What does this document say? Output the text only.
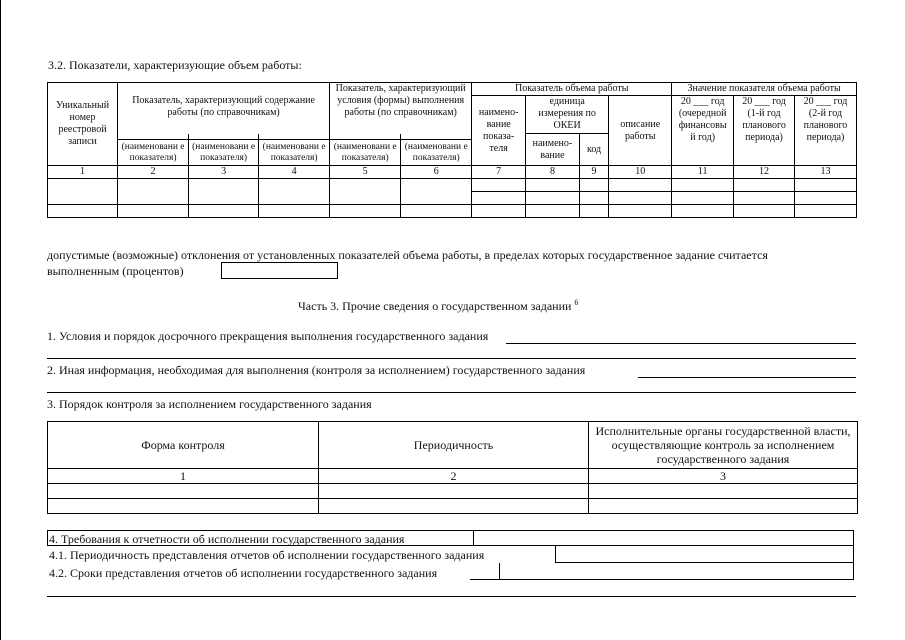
3.2. Показатели, характеризующие объем работы:
Уникальный номер реестровой записи	Показатель, характеризующий содержание работы (по справочникам)			Показатель, характеризующий условия (формы) выполнения работы (по справочникам)		Показатель объема работы				Значение показателя объема работы		
						наимено- вание показа- теля	единица измерения по ОКЕИ		описание работы	20 ___ год (очередной финансовы й год)	20 ___ год (1-й год планового периода)	20 ___ год (2-й год планового периода)
							наимено- вание	код				
	(наименовани е показателя)	(наименовани е показателя)	(наименовани е показателя)	(наименовани е показателя)	(наименовани е показателя)							
1	2	3	4	5	6	7	8	9	10	11	12	13

допустимые (возможные) отклонения от установленных показателей объема работы, в пределах которых государственное задание считается
выполненным (процентов)
Часть 3. Прочие сведения о государственном задании $^6$
1. Условия и порядок досрочного прекращения выполнения государственного задания
2. Иная информация, необходимая для выполнения (контроля за исполнением) государственного задания
3. Порядок контроля за исполнением государственного задания
Форма контроля	Периодичность	Исполнительные органы государственной власти, осуществляющие контроль за исполнением государственного задания
1	2	3

4. Требования к отчетности об исполнении государственного задания
4.1. Периодичность представления отчетов об исполнении государственного задания
4.2. Сроки представления отчетов об исполнении государственного задания
